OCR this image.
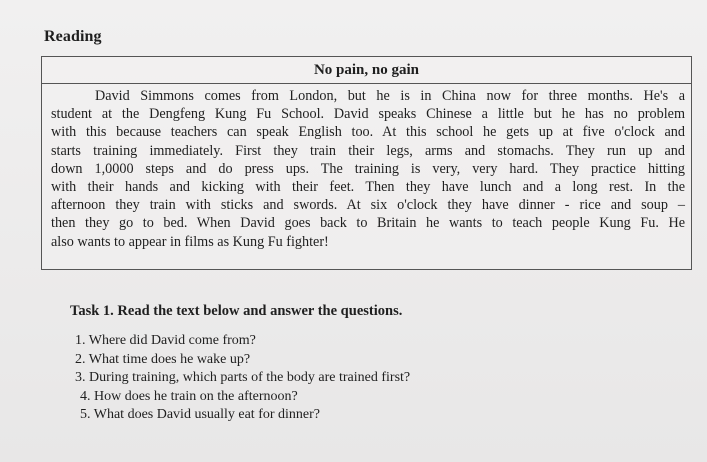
Reading
No pain, no gain
David Simmons comes from London, but he is in China now for three months. He's a
student at the Dengfeng Kung Fu School. David speaks Chinese a little but he has no problem
with this because teachers can speak English too. At this school he gets up at five o'clock and
starts training immediately. First they train their legs, arms and stomachs. They run up and
down 1,0000 steps and do press ups. The training is very, very hard. They practice hitting
with their hands and kicking with their feet. Then they have lunch and a long rest. In the
afternoon they train with sticks and swords. At six o'clock they have dinner - rice and soup –
then they go to bed. When David goes back to Britain he wants to teach people Kung Fu. He
also wants to appear in films as Kung Fu fighter!
Task 1. Read the text below and answer the questions.
1. Where did David come from?
2. What time does he wake up?
3. During training, which parts of the body are trained first?
4. How does he train on the afternoon?
5. What does David usually eat for dinner?
